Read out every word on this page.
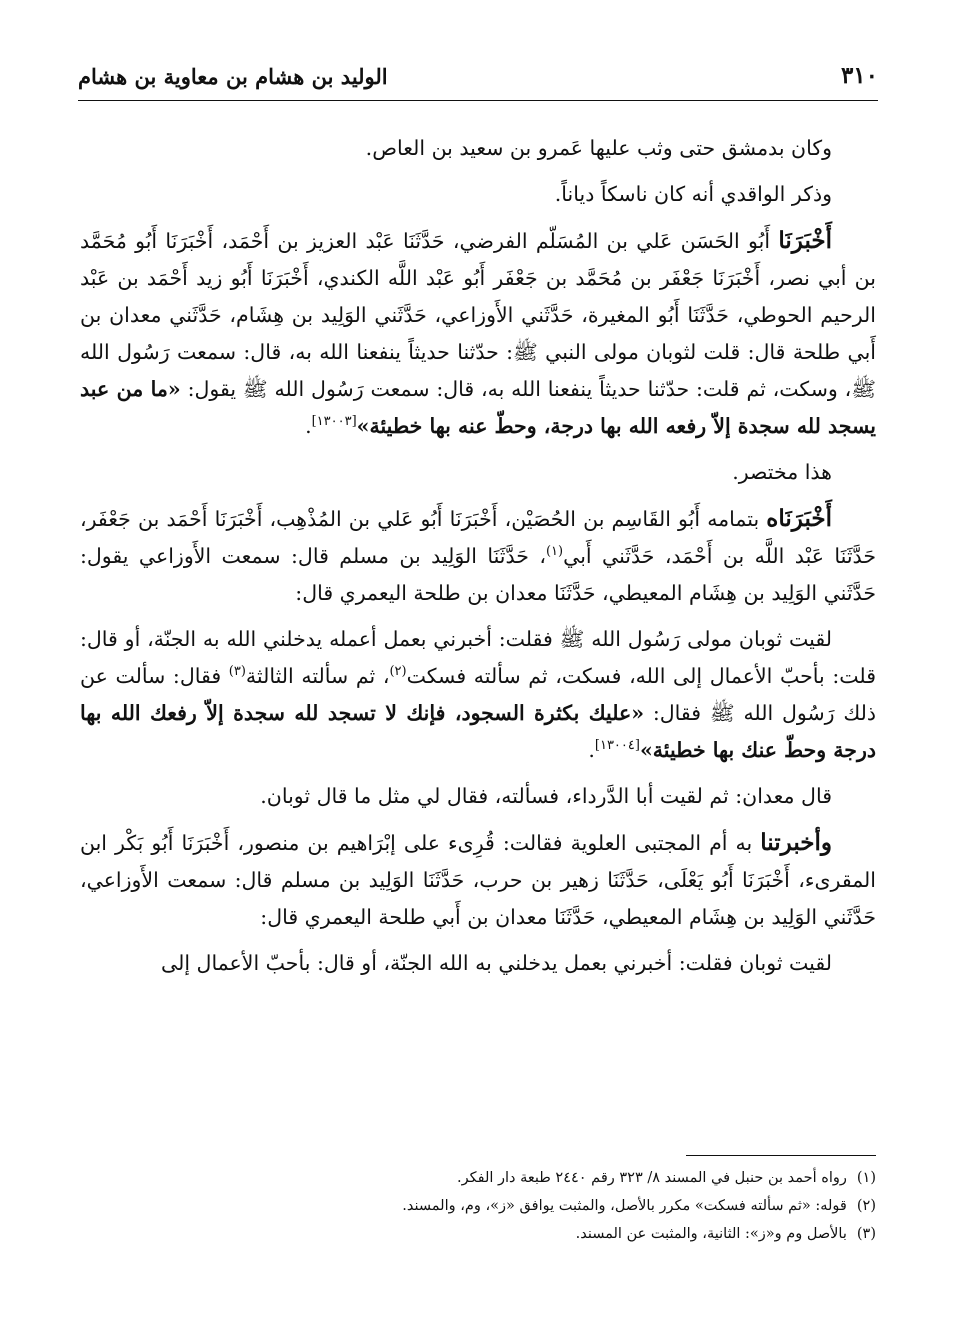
٣١٠
الوليد بن هشام بن معاوية بن هشام

وكان بدمشق حتى وثب عليها عَمرو بن سعيد بن العاص.

وذكر الواقدي أنه كان ناسكاً دياناً.

أَخْبَرَنَا أَبُو الحَسَن عَلي بن المُسَلّم الفرضي، حَدَّثَنَا عَبْد العزيز بن أَحْمَد، أَخْبَرَنَا أَبُو مُحَمَّد بن أبي نصر، أَخْبَرَنَا جَعْفَر بن مُحَمَّد بن جَعْفَر أَبُو عَبْد اللَّه الكندي، أَخْبَرَنَا أَبُو زيد أَحْمَد بن عَبْد الرحيم الحوطي، حَدَّثَنَا أَبُو المغيرة، حَدَّثَني الأَوزاعي، حَدَّثَني الوَلِيد بن هِشَام، حَدَّثَني معدان بن أَبي طلحة قال: قلت لثوبان مولى النبي ﷺ: حدّثنا حديثاً ينفعنا الله به، قال: سمعت رَسُول الله ﷺ، وسكت، ثم قلت: حدّثنا حديثاً ينفعنا الله به، قال: سمعت رَسُول الله ﷺ يقول: «ما من عبد يسجد لله سجدة إلاّ رفعه الله بها درجة، وحطّ عنه بها خطيئة»[١٣٠٠٣].

هذا مختصر.

أَخْبَرَنَاه بتمامه أَبُو القَاسِم بن الحُصَيْن، أَخْبَرَنَا أَبُو عَلي بن المُذْهِب، أَخْبَرَنَا أَحْمَد بن جَعْفَر، حَدَّثَنَا عَبْد اللَّه بن أَحْمَد، حَدَّثَني أَبي$^{(١)}$، حَدَّثَنَا الوَلِيد بن مسلم قال: سمعت الأَوزاعي يقول: حَدَّثَني الوَلِيد بن هِشَام المعيطي، حَدَّثَنَا معدان بن طلحة اليعمري قال:

لقيت ثوبان مولى رَسُول الله ﷺ فقلت: أخبرني بعمل أعمله يدخلني الله به الجنّة، أو قال: قلت: بأحبّ الأعمال إلى الله، فسكت، ثم سألته فسكت$^{(٢)}$، ثم سألته الثالثة$^{(٣)}$ فقال: سألت عن ذلك رَسُول الله ﷺ فقال: «عليك بكثرة السجود، فإنك لا تسجد لله سجدة إلاّ رفعك الله بها درجة وحطّ عنك بها خطيئة»[١٣٠٠٤].

قال معدان: ثم لقيت أبا الدَّرداء، فسألته، فقال لي مثل ما قال ثوبان.

وأخبرتنا به أم المجتبى العلوية فقالت: قُرِىء على إبْرَاهيم بن منصور، أَخْبَرَنَا أَبُو بَكْر ابن المقرىء، أَخْبَرَنَا أَبُو يَعْلَى، حَدَّثَنَا زهير بن حرب، حَدَّثَنَا الوَلِيد بن مسلم قال: سمعت الأَوزاعي، حَدَّثَني الوَلِيد بن هِشَام المعيطي، حَدَّثَنَا معدان بن أَبي طلحة اليعمري قال:

لقيت ثوبان فقلت: أخبرني بعمل يدخلني به الله الجنّة، أو قال: بأحبّ الأعمال إلى

(١)رواه أحمد بن حنبل في المسند ٨/ ٣٢٣ رقم ٢٤٤٠ طبعة دار الفكر.
(٢)قوله: «ثم سألته فسكت» مكرر بالأصل، والمثبت يوافق «ز»، وم، والمسند.
(٣)بالأصل وم و«ز»: الثانية، والمثبت عن المسند.
